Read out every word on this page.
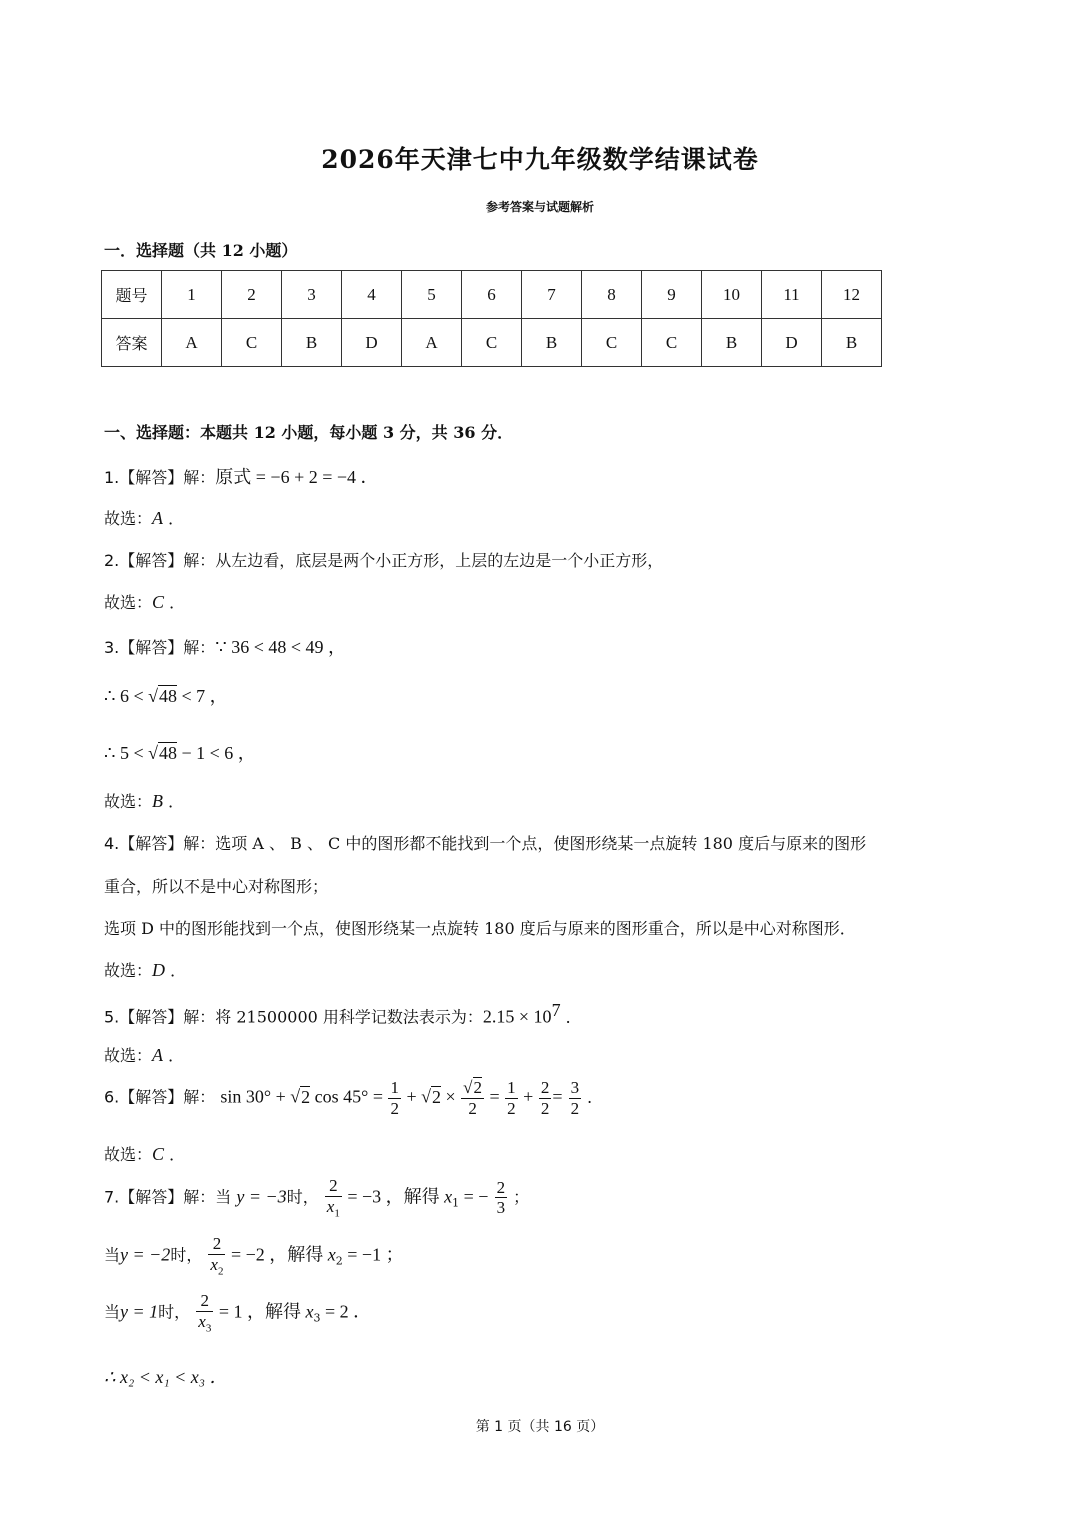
2026年天津七中九年级数学结课试卷
参考答案与试题解析
一．选择题（共 12 小题）
题号	1	2	3	4	5	6	7	8	9	10	11	12
答案	A	C	B	D	A	C	B	C	C	B	D	B
一、选择题：本题共 12 小题，每小题 3 分，共 36 分．
1.【解答】解：原式 = −6 + 2 = −4 ．
故选：A ．
2.【解答】解：从左边看，底层是两个小正方形，上层的左边是一个小正方形，
故选：C ．
3.【解答】解：∵ 36 < 48 < 49 ，
∴ 6 < √48 < 7 ，
∴ 5 < √48 − 1 < 6 ，
故选：B ．
4.【解答】解：选项 A 、 B 、 C 中的图形都不能找到一个点，使图形绕某一点旋转 180 度后与原来的图形
重合，所以不是中心对称图形；
选项 D 中的图形能找到一个点，使图形绕某一点旋转 180 度后与原来的图形重合，所以是中心对称图形．
故选：D ．
5.【解答】解：将 21500000 用科学记数法表示为：$2.15 \times 10^7$ ．
故选：A ．
6.【解答】解： sin 30° + √2 $\cos 45^\circ = \frac{1}{2} + √2 \times \frac{√2}{2} = \frac{1}{2} + \frac{2}{2} = \frac{3}{2}$ ．
故选：C ．
7.【解答】解：当 y = −3时， $\frac{2}{x_1} = -3$ ，解得 $x_1$ = − $\frac{2}{3}$ ；
当y = −2时， $\frac{2}{x_2} = -2$ ，解得 $x_2 = -1$ ；
当y = 1时， $\frac{2}{x_3} = 1$ ，解得 $x_3 = 2$ ．
∴ x₂ < x₁ < x₃ ．
第 1 页（共 16 页）
